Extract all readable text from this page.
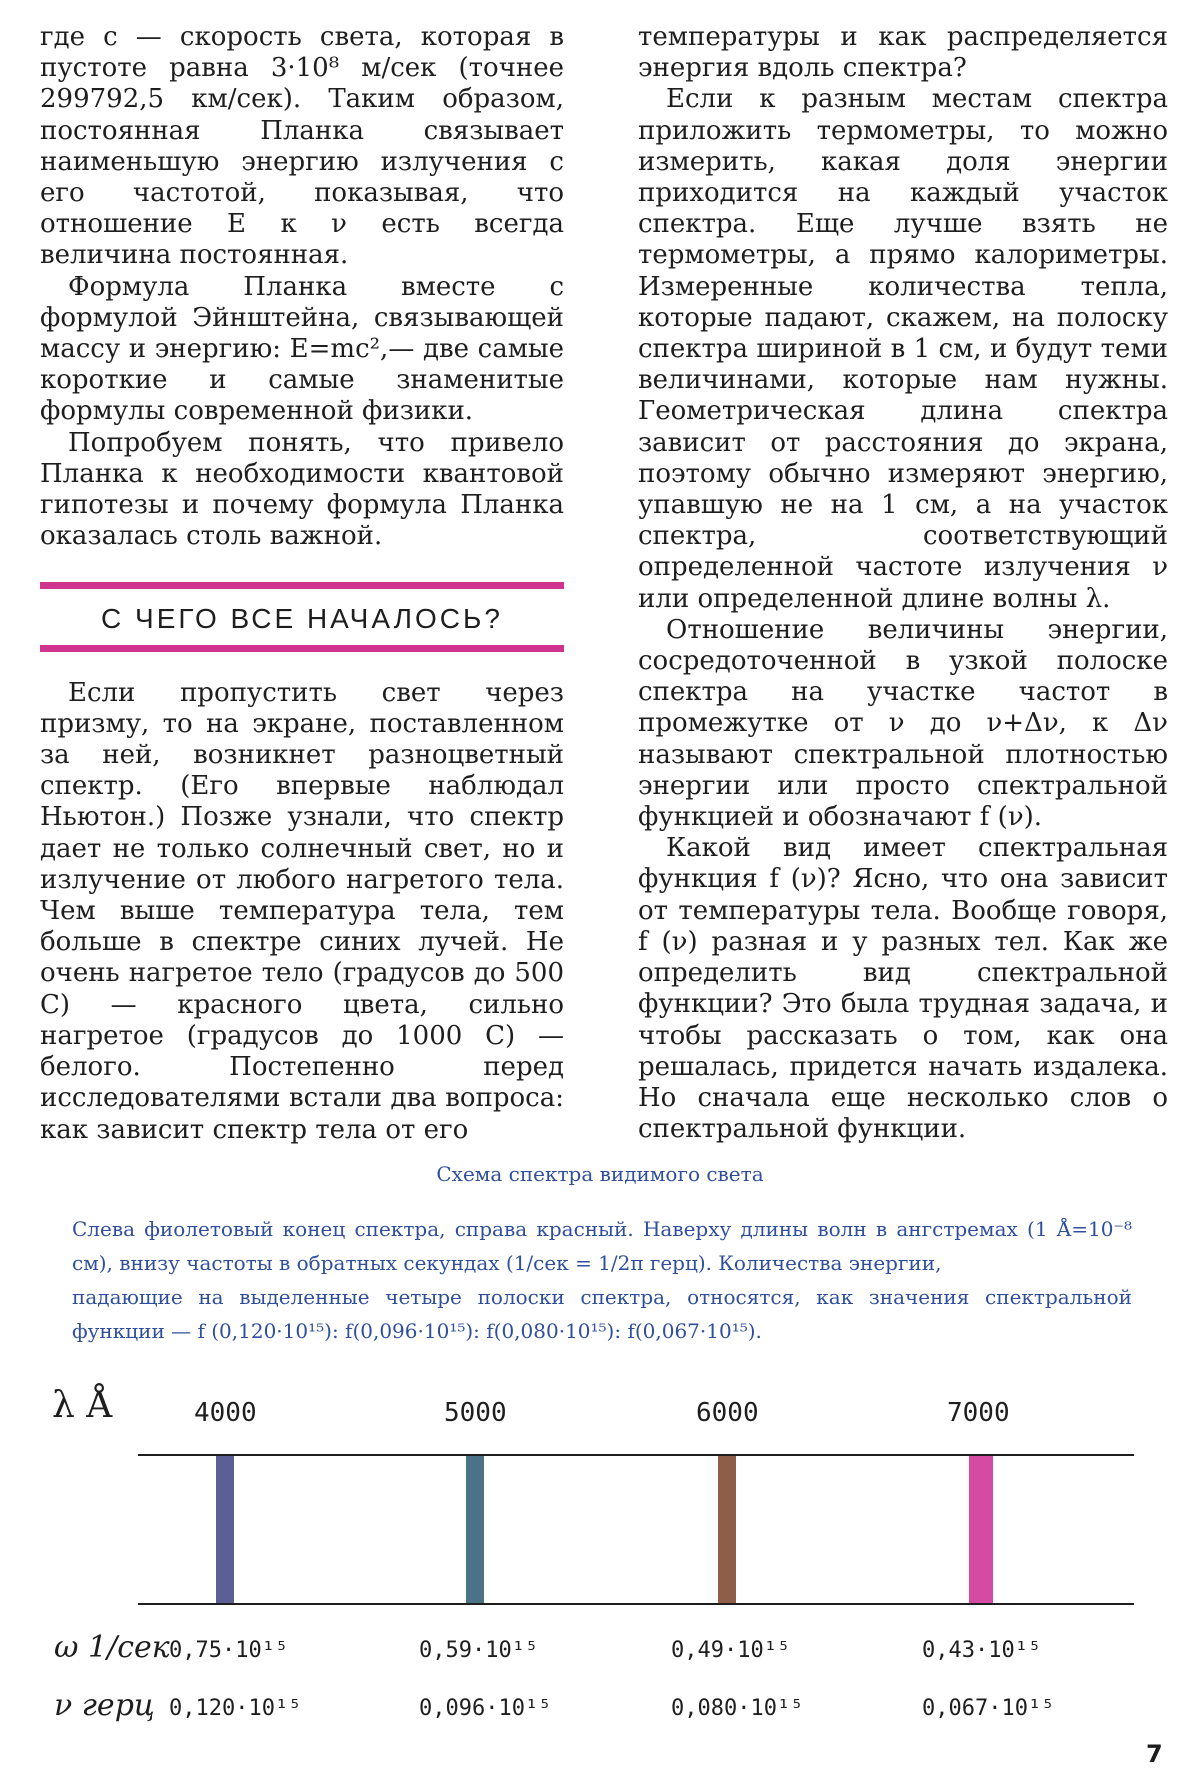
где с — скорость света, которая в пустоте равна 3·10⁸ м/сек (точнее 299792,5 км/сек). Таким образом, постоянная Планка связывает наименьшую энергию излучения с его частотой, показывая, что отношение E к ν есть всегда величина постоянная.

Формула Планка вместе с формулой Эйнштейна, связывающей массу и энергию: E=mc²,— две самые короткие и самые знаменитые формулы современной физики.

Попробуем понять, что привело Планка к необходимости квантовой гипотезы и почему формула Планка оказалась столь важной.

С ЧЕГО ВСЕ НАЧАЛОСЬ?

Если пропустить свет через призму, то на экране, поставленном за ней, возникнет разноцветный спектр. (Его впервые наблюдал Ньютон.) Позже узнали, что спектр дает не только солнечный свет, но и излучение от любого нагретого тела. Чем выше температура тела, тем больше в спектре синих лучей. Не очень нагретое тело (градусов до 500 С) — красного цвета, сильно нагретое (градусов до 1000 С) — белого. Постепенно перед исследователями встали два вопроса: как зависит спектр тела от его

температуры и как распределяется энергия вдоль спектра?

Если к разным местам спектра приложить термометры, то можно измерить, какая доля энергии приходится на каждый участок спектра. Еще лучше взять не термометры, а прямо калориметры. Измеренные количества тепла, которые падают, скажем, на полоску спектра шириной в 1 см, и будут теми величинами, которые нам нужны. Геометрическая длина спектра зависит от расстояния до экрана, поэтому обычно измеряют энергию, упавшую не на 1 см, а на участок спектра, соответствующий определенной частоте излучения ν или определенной длине волны λ.

Отношение величины энергии, сосредоточенной в узкой полоске спектра на участке частот в промежутке от ν до ν+Δν, к Δν называют спектральной плотностью энергии или просто спектральной функцией и обозначают f (ν).

Какой вид имеет спектральная функция f (ν)? Ясно, что она зависит от температуры тела. Вообще говоря, f (ν) разная и у разных тел. Как же определить вид спектральной функции? Это была трудная задача, и чтобы рассказать о том, как она решалась, придется начать издалека. Но сначала еще несколько слов о спектральной функции.

Схема спектра видимого света

Слева фиолетовый конец спектра, справа красный. Наверху длины волн в ангстремах (1 Å=10⁻⁸ см), внизу частоты в обратных секундах (1/сек = 1/2π герц). Количества энергии,

падающие на выделенные четыре полоски спектра, относятся, как значения спектральной функции — f (0,120·10¹⁵): f(0,096·10¹⁵): f(0,080·10¹⁵): f(0,067·10¹⁵).

λ Å	4000
0,75·10¹⁵
0,120·10¹⁵
5000
0,59·10¹⁵
0,096·10¹⁵
6000
0,49·10¹⁵
0,080·10¹⁵
7000
0,43·10¹⁵
0,067·10¹⁵
ω 1/сек
ν герц
7
